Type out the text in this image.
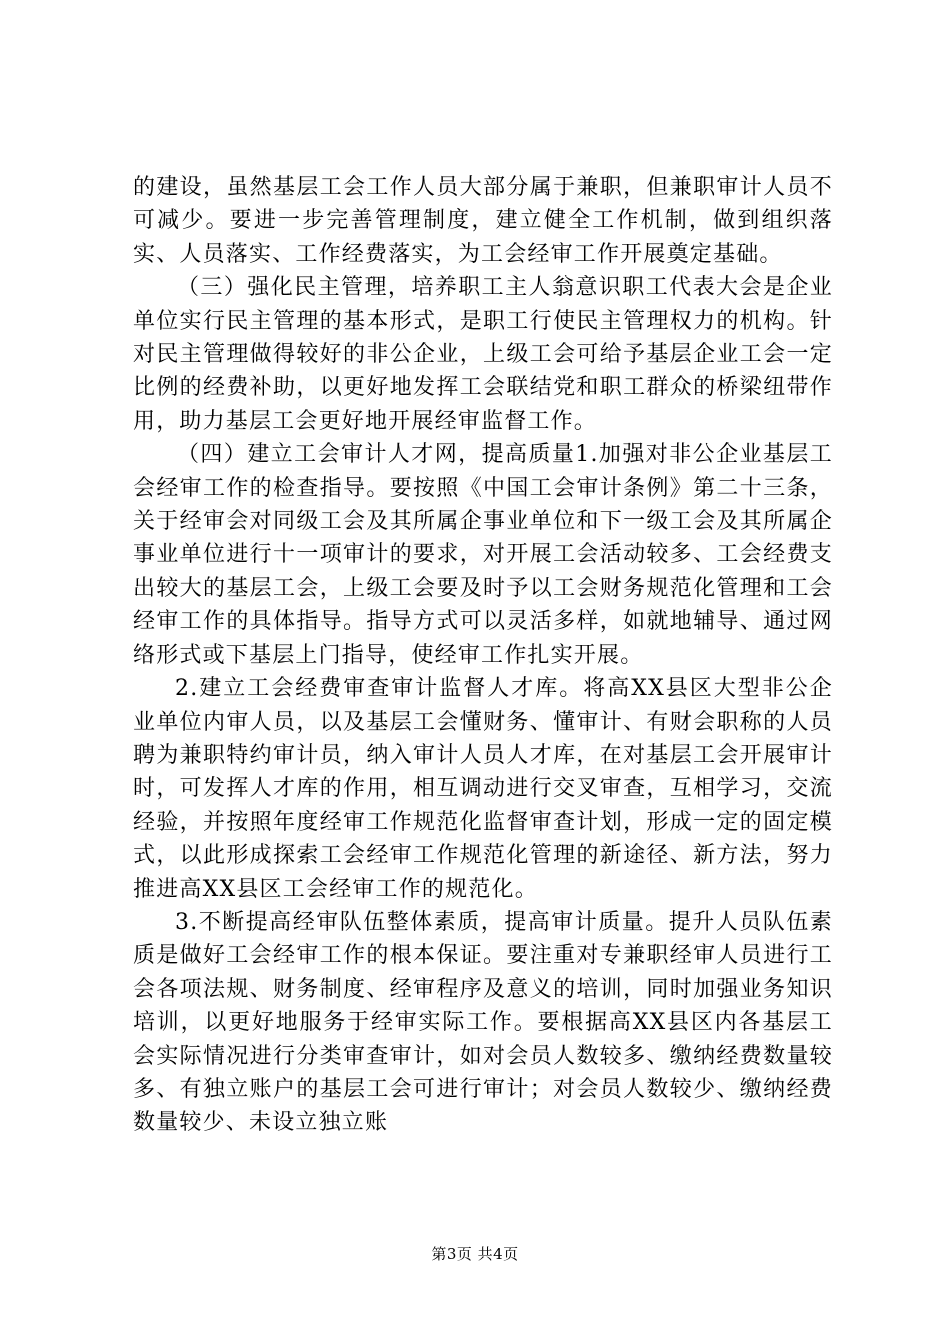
的建设，虽然基层工会工作人员大部分属于兼职，但兼职审计人员不可减少。要进一步完善管理制度，建立健全工作机制，做到组织落实、人员落实、工作经费落实，为工会经审工作开展奠定基础。

（三）强化民主管理，培养职工主人翁意识职工代表大会是企业单位实行民主管理的基本形式，是职工行使民主管理权力的机构。针对民主管理做得较好的非公企业，上级工会可给予基层企业工会一定比例的经费补助，以更好地发挥工会联结党和职工群众的桥梁纽带作用，助力基层工会更好地开展经审监督工作。

（四）建立工会审计人才网，提高质量1.加强对非公企业基层工会经审工作的检查指导。要按照《中国工会审计条例》第二十三条，关于经审会对同级工会及其所属企事业单位和下一级工会及其所属企事业单位进行十一项审计的要求，对开展工会活动较多、工会经费支出较大的基层工会，上级工会要及时予以工会财务规范化管理和工会经审工作的具体指导。指导方式可以灵活多样，如就地辅导、通过网络形式或下基层上门指导，使经审工作扎实开展。

2.建立工会经费审查审计监督人才库。将高XX县区大型非公企业单位内审人员，以及基层工会懂财务、懂审计、有财会职称的人员聘为兼职特约审计员，纳入审计人员人才库，在对基层工会开展审计时，可发挥人才库的作用，相互调动进行交叉审查，互相学习，交流经验，并按照年度经审工作规范化监督审查计划，形成一定的固定模式，以此形成探索工会经审工作规范化管理的新途径、新方法，努力推进高XX县区工会经审工作的规范化。

3.不断提高经审队伍整体素质，提高审计质量。提升人员队伍素质是做好工会经审工作的根本保证。要注重对专兼职经审人员进行工会各项法规、财务制度、经审程序及意义的培训，同时加强业务知识培训，以更好地服务于经审实际工作。要根据高XX县区内各基层工会实际情况进行分类审查审计，如对会员人数较多、缴纳经费数量较多、有独立账户的基层工会可进行审计；对会员人数较少、缴纳经费数量较少、未设立独立账

第3页 共4页
